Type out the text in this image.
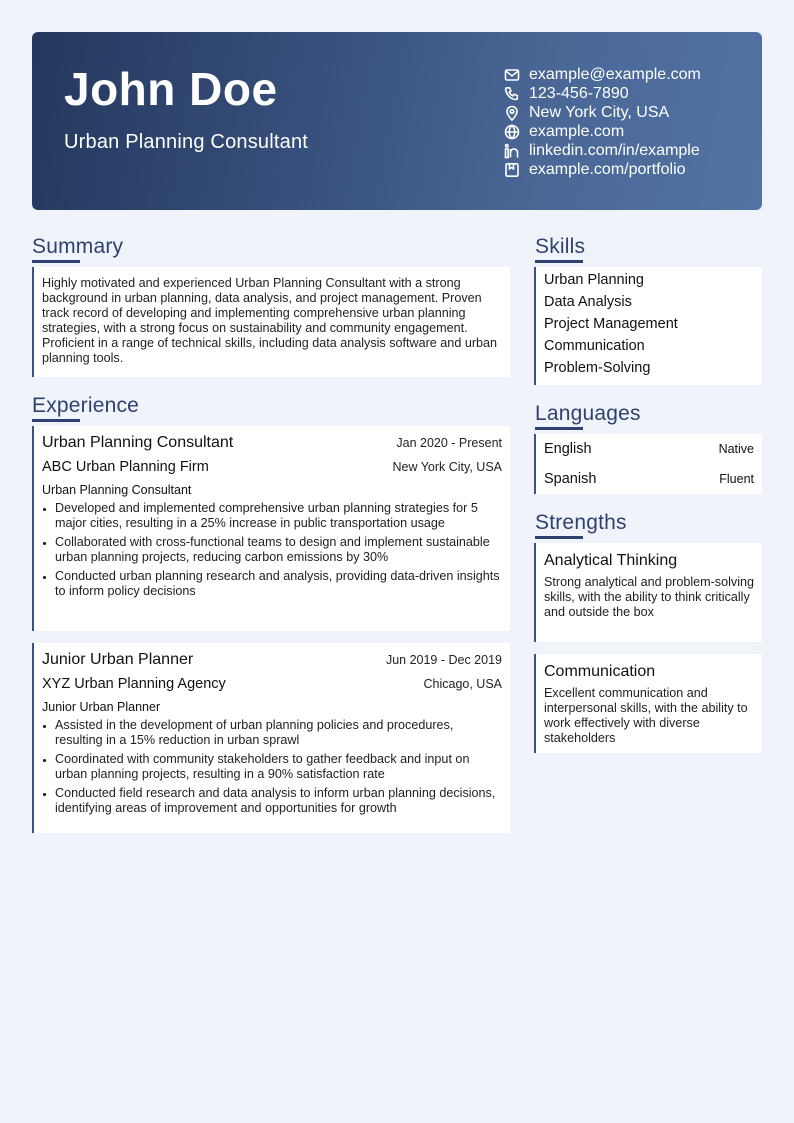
John Doe
Urban Planning Consultant
example@example.com
123-456-7890
New York City, USA
example.com
linkedin.com/in/example
example.com/portfolio
Summary

Highly motivated and experienced Urban Planning Consultant with a strong background in urban planning, data analysis, and project management. Proven track record of developing and implementing comprehensive urban planning strategies, with a strong focus on sustainability and community engagement. Proficient in a range of technical skills, including data analysis software and urban planning tools.

Experience
Urban Planning Consultant	Jan 2020 - Present
ABC Urban Planning Firm	New York City, USA
Urban Planning Consultant
Developed and implemented comprehensive urban planning strategies for 5 major cities, resulting in a 25% increase in public transportation usage
Collaborated with cross-functional teams to design and implement sustainable urban planning projects, reducing carbon emissions by 30%
Conducted urban planning research and analysis, providing data-driven insights to inform policy decisions
Junior Urban Planner	Jun 2019 - Dec 2019
XYZ Urban Planning Agency	Chicago, USA
Junior Urban Planner
Assisted in the development of urban planning policies and procedures, resulting in a 15% reduction in urban sprawl
Coordinated with community stakeholders to gather feedback and input on urban planning projects, resulting in a 90% satisfaction rate
Conducted field research and data analysis to inform urban planning decisions, identifying areas of improvement and opportunities for growth
Skills
Urban Planning
Data Analysis
Project Management
Communication
Problem-Solving
Languages
English	Native
Spanish	Fluent
Strengths
Analytical Thinking

Strong analytical and problem-solving skills, with the ability to think critically and outside the box

Communication

Excellent communication and interpersonal skills, with the ability to work effectively with diverse stakeholders
